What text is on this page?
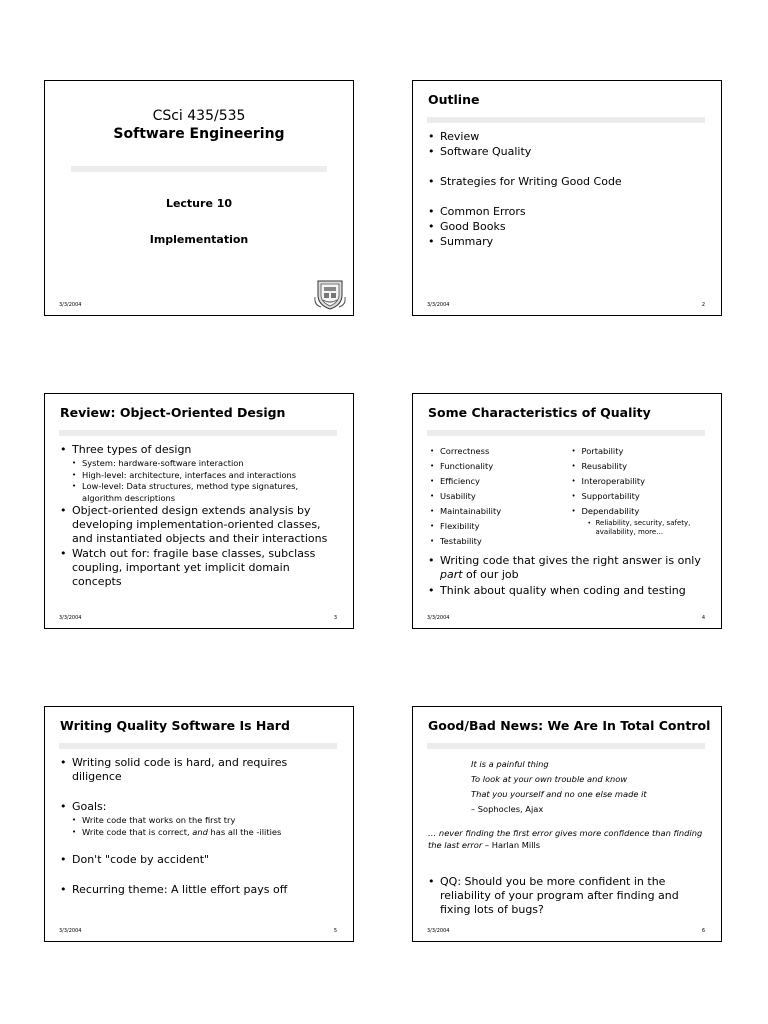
CSci 435/535
Software Engineering
Lecture 10
Implementation
3/3/2004
Outline
• Review
• Software Quality
• Strategies for Writing Good Code
• Common Errors
• Good Books
• Summary
3/3/2004	2
Review: Object-Oriented Design
• Three types of design
• System: hardware-software interaction
• High-level: architecture, interfaces and interactions
• Low-level: Data structures, method type signatures, algorithm descriptions
• Object-oriented design extends analysis by developing implementation-oriented classes, and instantiated objects and their interactions
• Watch out for: fragile base classes, subclass coupling, important yet implicit domain concepts
3/3/2004	3
Some Characteristics of Quality
• Correctness
• Functionality
• Efficiency
• Usability
• Maintainability
• Flexibility
• Testability
• Portability
• Reusability
• Interoperability
• Supportability
• Dependability
• Reliability, security, safety, availability, more…
• Writing code that gives the right answer is only part of our job
• Think about quality when coding and testing
3/3/2004	4
Writing Quality Software Is Hard
• Writing solid code is hard, and requires diligence
• Goals:
• Write code that works on the first try
• Write code that is correct, and has all the -ilities
• Don't "code by accident"
• Recurring theme: A little effort pays off
3/3/2004	5
Good/Bad News: We Are In Total Control
It is a painful thing
To look at your own trouble and know
That you yourself and no one else made it
– Sophocles, Ajax
… never finding the first error gives more confidence than finding the last error – Harlan Mills
• QQ: Should you be more confident in the reliability of your program after finding and fixing lots of bugs?
3/3/2004	6
